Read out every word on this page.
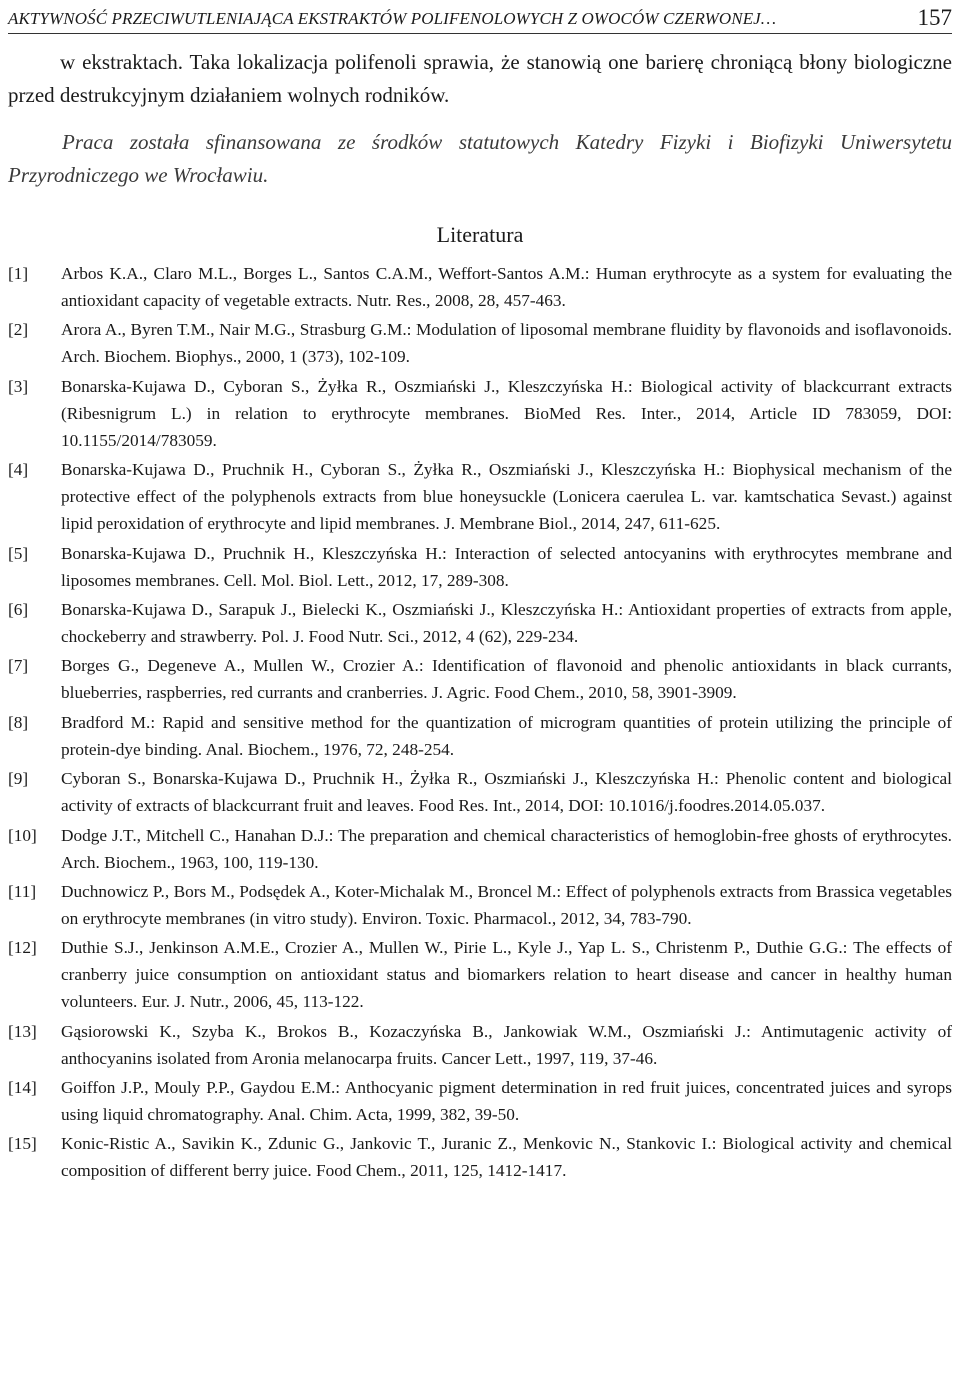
AKTYWNOŚĆ PRZECIWUTLENIAJĄCA EKSTRAKTÓW POLIFENOLOWYCH Z OWOCÓW CZERWONEJ…	157

w ekstraktach. Taka lokalizacja polifenoli sprawia, że stanowią one barierę chroniącą błony biologiczne przed destrukcyjnym działaniem wolnych rodników.

Praca została sfinansowana ze środków statutowych Katedry Fizyki i Biofizyki Uniwersytetu Przyrodniczego we Wrocławiu.

Literatura
[1]	Arbos K.A., Claro M.L., Borges L., Santos C.A.M., Weffort-Santos A.M.: Human erythrocyte as a system for evaluating the antioxidant capacity of vegetable extracts. Nutr. Res., 2008, 28, 457-463.
[2]	Arora A., Byren T.M., Nair M.G., Strasburg G.M.: Modulation of liposomal membrane fluidity by flavonoids and isoflavonoids. Arch. Biochem. Biophys., 2000, 1 (373), 102-109.
[3]	Bonarska-Kujawa D., Cyboran S., Żyłka R., Oszmiański J., Kleszczyńska H.: Biological activity of blackcurrant extracts (Ribesnigrum L.) in relation to erythrocyte membranes. BioMed Res. Inter., 2014, Article ID 783059, DOI: 10.1155/2014/783059.
[4]	Bonarska-Kujawa D., Pruchnik H., Cyboran S., Żyłka R., Oszmiański J., Kleszczyńska H.: Biophysical mechanism of the protective effect of the polyphenols extracts from blue honeysuckle (Lonicera caerulea L. var. kamtschatica Sevast.) against lipid peroxidation of erythrocyte and lipid membranes. J. Membrane Biol., 2014, 247, 611-625.
[5]	Bonarska-Kujawa D., Pruchnik H., Kleszczyńska H.: Interaction of selected antocyanins with erythrocytes membrane and liposomes membranes. Cell. Mol. Biol. Lett., 2012, 17, 289-308.
[6]	Bonarska-Kujawa D., Sarapuk J., Bielecki K., Oszmiański J., Kleszczyńska H.: Antioxidant properties of extracts from apple, chockeberry and strawberry. Pol. J. Food Nutr. Sci., 2012, 4 (62), 229-234.
[7]	Borges G., Degeneve A., Mullen W., Crozier A.: Identification of flavonoid and phenolic antioxidants in black currants, blueberries, raspberries, red currants and cranberries. J. Agric. Food Chem., 2010, 58, 3901-3909.
[8]	Bradford M.: Rapid and sensitive method for the quantization of microgram quantities of protein utilizing the principle of protein-dye binding. Anal. Biochem., 1976, 72, 248-254.
[9]	Cyboran S., Bonarska-Kujawa D., Pruchnik H., Żyłka R., Oszmiański J., Kleszczyńska H.: Phenolic content and biological activity of extracts of blackcurrant fruit and leaves. Food Res. Int., 2014, DOI: 10.1016/j.foodres.2014.05.037.
[10]	Dodge J.T., Mitchell C., Hanahan D.J.: The preparation and chemical characteristics of hemoglobin-free ghosts of erythrocytes. Arch. Biochem., 1963, 100, 119-130.
[11]	Duchnowicz P., Bors M., Podsędek A., Koter-Michalak M., Broncel M.: Effect of polyphenols extracts from Brassica vegetables on erythrocyte membranes (in vitro study). Environ. Toxic. Pharmacol., 2012, 34, 783-790.
[12]	Duthie S.J., Jenkinson A.M.E., Crozier A., Mullen W., Pirie L., Kyle J., Yap L. S., Christenm P., Duthie G.G.: The effects of cranberry juice consumption on antioxidant status and biomarkers relation to heart disease and cancer in healthy human volunteers. Eur. J. Nutr., 2006, 45, 113-122.
[13]	Gąsiorowski K., Szyba K., Brokos B., Kozaczyńska B., Jankowiak W.M., Oszmiański J.: Antimutagenic activity of anthocyanins isolated from Aronia melanocarpa fruits. Cancer Lett., 1997, 119, 37-46.
[14]	Goiffon J.P., Mouly P.P., Gaydou E.M.: Anthocyanic pigment determination in red fruit juices, concentrated juices and syrops using liquid chromatography. Anal. Chim. Acta, 1999, 382, 39-50.
[15]	Konic-Ristic A., Savikin K., Zdunic G., Jankovic T., Juranic Z., Menkovic N., Stankovic I.: Biological activity and chemical composition of different berry juice. Food Chem., 2011, 125, 1412-1417.
